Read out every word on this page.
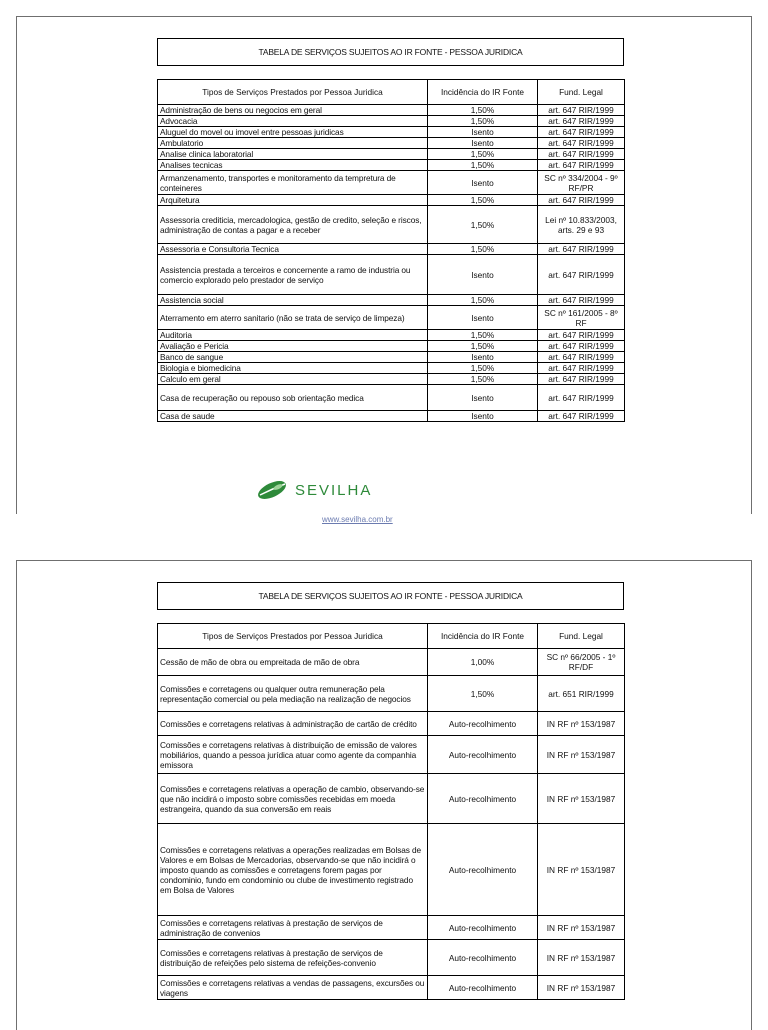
TABELA DE SERVIÇOS SUJEITOS AO IR FONTE - PESSOA JURIDICA
Tipos de Serviços Prestados por Pessoa Juridica	Incidência do IR Fonte	Fund. Legal
Administração de bens ou negocios em geral	1,50%	art. 647 RIR/1999
Advocacia	1,50%	art. 647 RIR/1999
Aluguel do movel ou imovel entre pessoas juridicas	Isento	art. 647 RIR/1999
Ambulatorio	Isento	art. 647 RIR/1999
Analise clinica laboratorial	1,50%	art. 647 RIR/1999
Analises tecnicas	1,50%	art. 647 RIR/1999
Armanzenamento, transportes e monitoramento da tempretura de conteineres	Isento	SC nº 334/2004 - 9º RF/PR
Arquitetura	1,50%	art. 647 RIR/1999
Assessoria crediticia, mercadologica, gestão de credito, seleção e riscos, administração de contas a pagar e a receber	1,50%	Lei nº 10.833/2003, arts. 29 e 93
Assessoria e Consultoria Tecnica	1,50%	art. 647 RIR/1999
Assistencia prestada a terceiros e concernente a ramo de industria ou comercio explorado pelo prestador de serviço	Isento	art. 647 RIR/1999
Assistencia social	1,50%	art. 647 RIR/1999
Aterramento em aterro sanitario (não se trata de serviço de limpeza)	Isento	SC nº 161/2005 - 8º RF
Auditoria	1,50%	art. 647 RIR/1999
Avaliação e Pericia	1,50%	art. 647 RIR/1999
Banco de sangue	Isento	art. 647 RIR/1999
Biologia e biomedicina	1,50%	art. 647 RIR/1999
Calculo em geral	1,50%	art. 647 RIR/1999
Casa de recuperação ou repouso sob orientação medica	Isento	art. 647 RIR/1999
Casa de saude	Isento	art. 647 RIR/1999
SEVILHA
www.sevilha.com.br
TABELA DE SERVIÇOS SUJEITOS AO IR FONTE - PESSOA JURIDICA
Tipos de Serviços Prestados por Pessoa Juridica	Incidência do IR Fonte	Fund. Legal
Cessão de mão de obra ou empreitada de mão de obra	1,00%	SC nº 66/2005 - 1º RF/DF
Comissões e corretagens ou qualquer outra remuneração pela representação comercial ou pela mediação na realização de negocios	1,50%	art. 651 RIR/1999
Comissões e corretagens relativas à administração de cartão de crédito	Auto-recolhimento	IN RF nº 153/1987
Comissões e corretagens relativas à distribuição de emissão de valores mobiliários, quando a pessoa jurídica atuar como agente da companhia emissora	Auto-recolhimento	IN RF nº 153/1987
Comissões e corretagens relativas a operação de cambio, observando-se que não incidirá o imposto sobre comissões recebidas em moeda estrangeira, quando da sua conversão em reais	Auto-recolhimento	IN RF nº 153/1987
Comissões e corretagens relativas a operações realizadas em Bolsas de Valores e em Bolsas de Mercadorias, observando-se que não incidirá o imposto quando as comissões e corretagens forem pagas por condominio, fundo em condominio ou clube de investimento registrado em Bolsa de Valores	Auto-recolhimento	IN RF nº 153/1987
Comissões e corretagens relativas à prestação de serviços de administração de convenios	Auto-recolhimento	IN RF nº 153/1987
Comissões e corretagens relativas à prestação de serviços de distribuição de refeições pelo sistema de refeições-convenio	Auto-recolhimento	IN RF nº 153/1987
Comissões e corretagens relativas a vendas de passagens, excursões ou viagens	Auto-recolhimento	IN RF nº 153/1987
